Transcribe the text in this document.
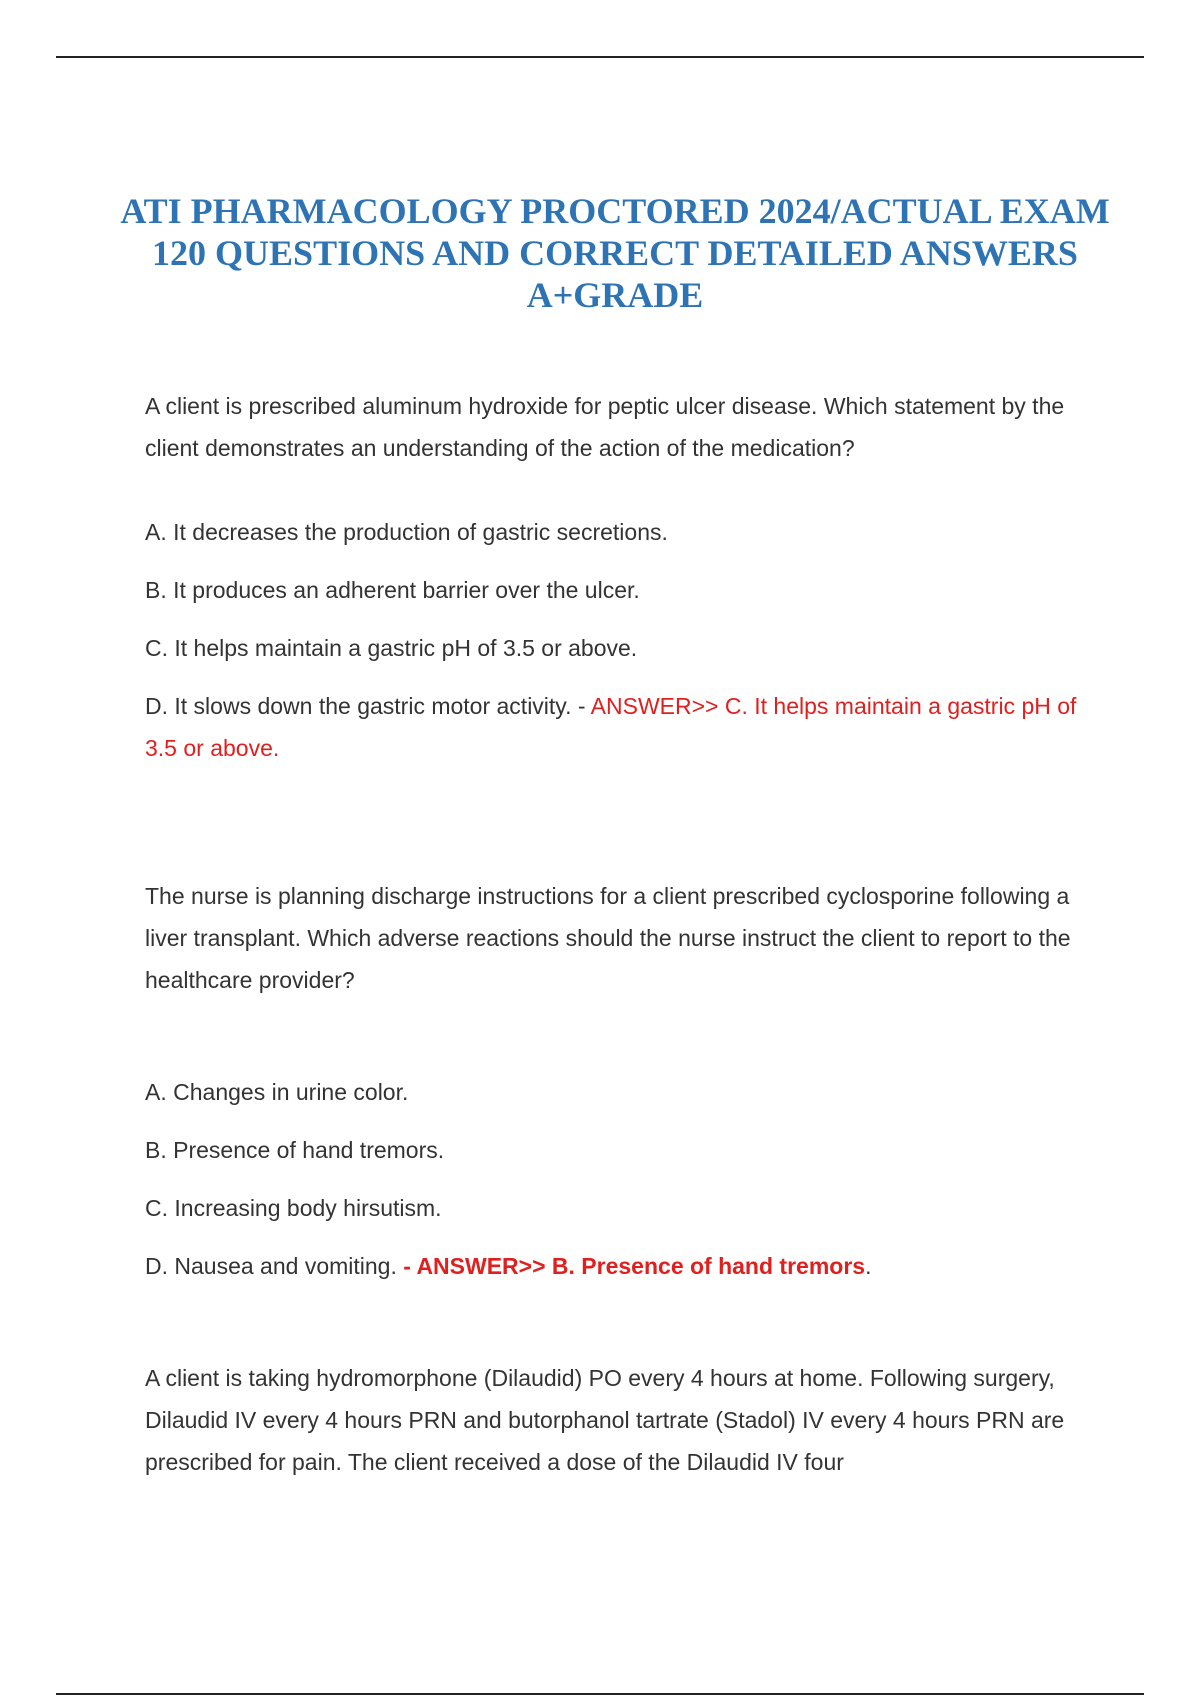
ATI PHARMACOLOGY PROCTORED 2024/ACTUAL EXAM 120 QUESTIONS AND CORRECT DETAILED ANSWERS A+GRADE

A client is prescribed aluminum hydroxide for peptic ulcer disease. Which statement by the client demonstrates an understanding of the action of the medication?

A. It decreases the production of gastric secretions.

B. It produces an adherent barrier over the ulcer.

C. It helps maintain a gastric pH of 3.5 or above.

D. It slows down the gastric motor activity. - ANSWER>> C. It helps maintain a gastric pH of 3.5 or above.

The nurse is planning discharge instructions for a client prescribed cyclosporine following a liver transplant. Which adverse reactions should the nurse instruct the client to report to the healthcare provider?

A. Changes in urine color.

B. Presence of hand tremors.

C. Increasing body hirsutism.

D. Nausea and vomiting. - ANSWER>> B. Presence of hand tremors.

A client is taking hydromorphone (Dilaudid) PO every 4 hours at home. Following surgery, Dilaudid IV every 4 hours PRN and butorphanol tartrate (Stadol) IV every 4 hours PRN are prescribed for pain. The client received a dose of the Dilaudid IV four
